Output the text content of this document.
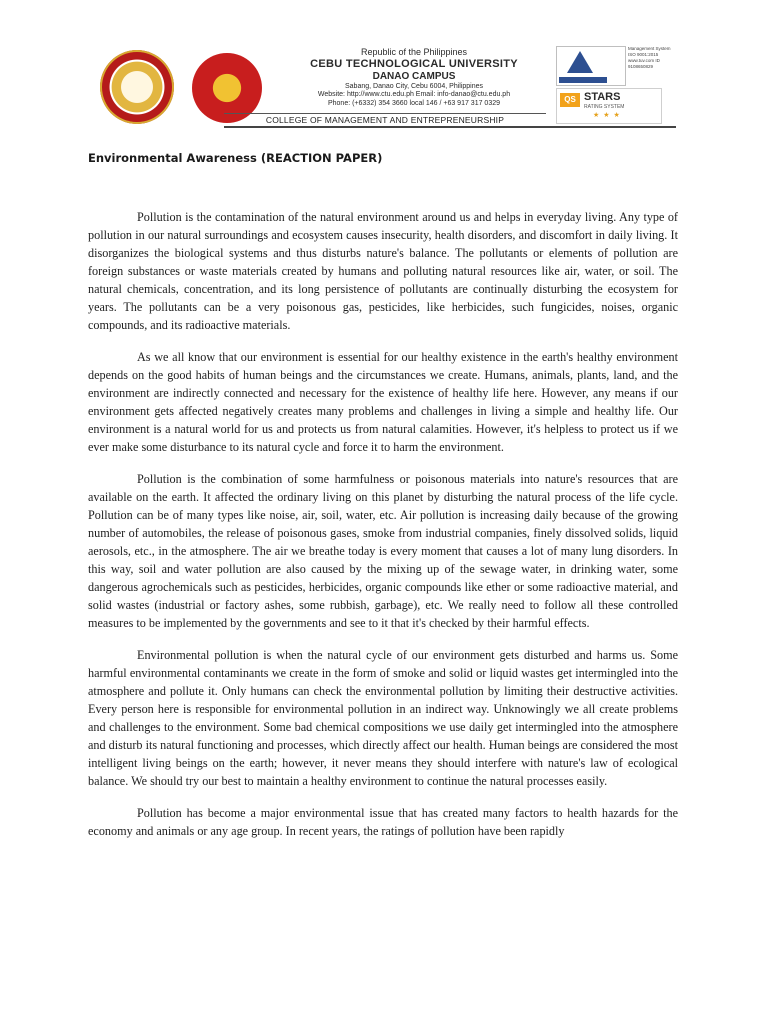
Republic of the Philippines
CEBU TECHNOLOGICAL UNIVERSITY
DANAO CAMPUS
Sabang, Danao City, Cebu 6004, Philippines
Website: http://www.ctu.edu.ph Email: info-danao@ctu.edu.ph
Phone: (+6332) 354 3660 local 146 / +63 917 317 0329
COLLEGE OF MANAGEMENT AND ENTREPRENEURSHIP
Management System ISO 9001:2015 www.tuv.com ID 9108650829
QS STARS
RATING SYSTEM
★★★
Environmental Awareness (REACTION PAPER)

Pollution is the contamination of the natural environment around us and helps in everyday living. Any type of pollution in our natural surroundings and ecosystem causes insecurity, health disorders, and discomfort in daily living. It disorganizes the biological systems and thus disturbs nature's balance. The pollutants or elements of pollution are foreign substances or waste materials created by humans and polluting natural resources like air, water, or soil. The natural chemicals, concentration, and its long persistence of pollutants are continually disturbing the ecosystem for years. The pollutants can be a very poisonous gas, pesticides, like herbicides, such fungicides, noises, organic compounds, and its radioactive materials.

As we all know that our environment is essential for our healthy existence in the earth's healthy environment depends on the good habits of human beings and the circumstances we create. Humans, animals, plants, land, and the environment are indirectly connected and necessary for the existence of healthy life here. However, any means if our environment gets affected negatively creates many problems and challenges in living a simple and healthy life. Our environment is a natural world for us and protects us from natural calamities. However, it's helpless to protect us if we ever make some disturbance to its natural cycle and force it to harm the environment.

Pollution is the combination of some harmfulness or poisonous materials into nature's resources that are available on the earth. It affected the ordinary living on this planet by disturbing the natural process of the life cycle. Pollution can be of many types like noise, air, soil, water, etc. Air pollution is increasing daily because of the growing number of automobiles, the release of poisonous gases, smoke from industrial companies, finely dissolved solids, liquid aerosols, etc., in the atmosphere. The air we breathe today is every moment that causes a lot of many lung disorders. In this way, soil and water pollution are also caused by the mixing up of the sewage water, in drinking water, some dangerous agrochemicals such as pesticides, herbicides, organic compounds like ether or some radioactive material, and solid wastes (industrial or factory ashes, some rubbish, garbage), etc. We really need to follow all these controlled measures to be implemented by the governments and see to it that it's checked by their harmful effects.

Environmental pollution is when the natural cycle of our environment gets disturbed and harms us. Some harmful environmental contaminants we create in the form of smoke and solid or liquid wastes get intermingled into the atmosphere and pollute it. Only humans can check the environmental pollution by limiting their destructive activities. Every person here is responsible for environmental pollution in an indirect way. Unknowingly we all create problems and challenges to the environment. Some bad chemical compositions we use daily get intermingled into the atmosphere and disturb its natural functioning and processes, which directly affect our health. Human beings are considered the most intelligent living beings on the earth; however, it never means they should interfere with nature's law of ecological balance. We should try our best to maintain a healthy environment to continue the natural processes easily.

Pollution has become a major environmental issue that has created many factors to health hazards for the economy and animals or any age group. In recent years, the ratings of pollution have been rapidly
